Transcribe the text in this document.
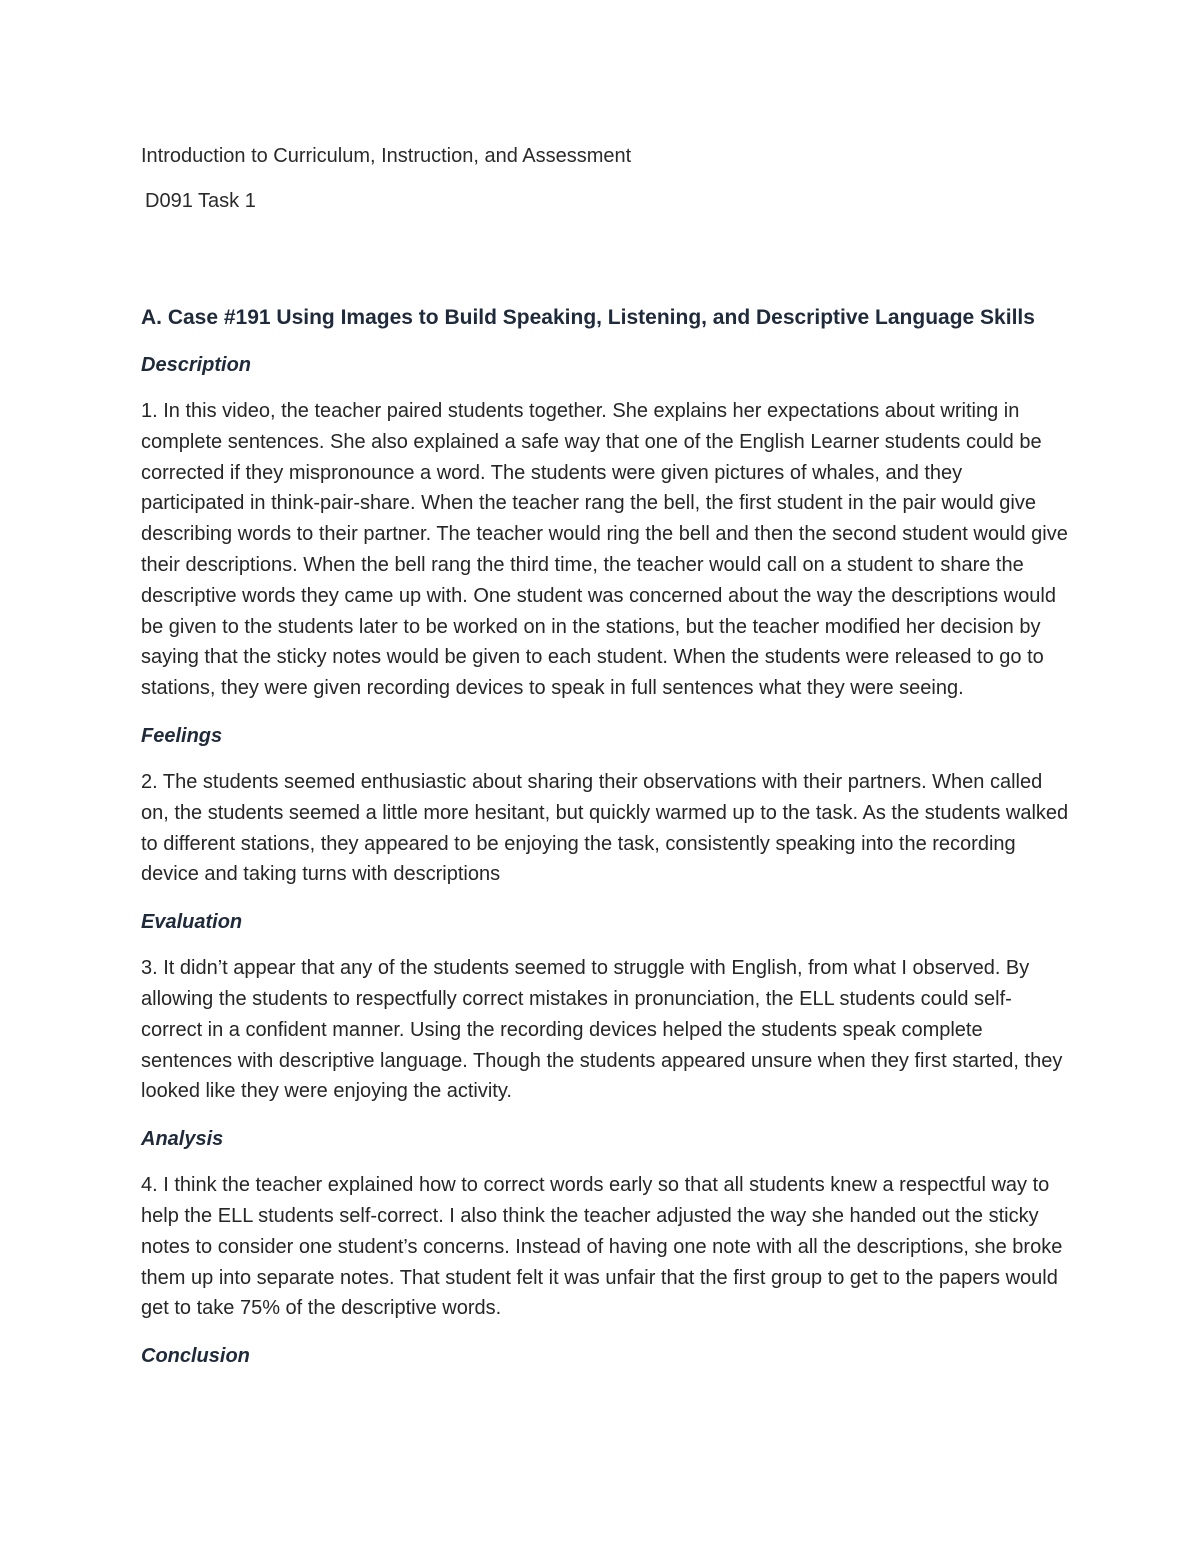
Introduction to Curriculum, Instruction, and Assessment
D091 Task 1
A. Case #191 Using Images to Build Speaking, Listening, and Descriptive Language Skills
Description

1. In this video, the teacher paired students together. She explains her expectations about writing in complete sentences. She also explained a safe way that one of the English Learner students could be corrected if they mispronounce a word. The students were given pictures of whales, and they participated in think-pair-share. When the teacher rang the bell, the first student in the pair would give describing words to their partner. The teacher would ring the bell and then the second student would give their descriptions. When the bell rang the third time, the teacher would call on a student to share the descriptive words they came up with. One student was concerned about the way the descriptions would be given to the students later to be worked on in the stations, but the teacher modified her decision by saying that the sticky notes would be given to each student. When the students were released to go to stations, they were given recording devices to speak in full sentences what they were seeing.

Feelings

2. The students seemed enthusiastic about sharing their observations with their partners. When called on, the students seemed a little more hesitant, but quickly warmed up to the task. As the students walked to different stations, they appeared to be enjoying the task, consistently speaking into the recording device and taking turns with descriptions

Evaluation

3. It didn’t appear that any of the students seemed to struggle with English, from what I observed. By allowing the students to respectfully correct mistakes in pronunciation, the ELL students could self-correct in a confident manner. Using the recording devices helped the students speak complete sentences with descriptive language. Though the students appeared unsure when they first started, they looked like they were enjoying the activity.

Analysis

4. I think the teacher explained how to correct words early so that all students knew a respectful way to help the ELL students self-correct. I also think the teacher adjusted the way she handed out the sticky notes to consider one student’s concerns. Instead of having one note with all the descriptions, she broke them up into separate notes. That student felt it was unfair that the first group to get to the papers would get to take 75% of the descriptive words.

Conclusion
